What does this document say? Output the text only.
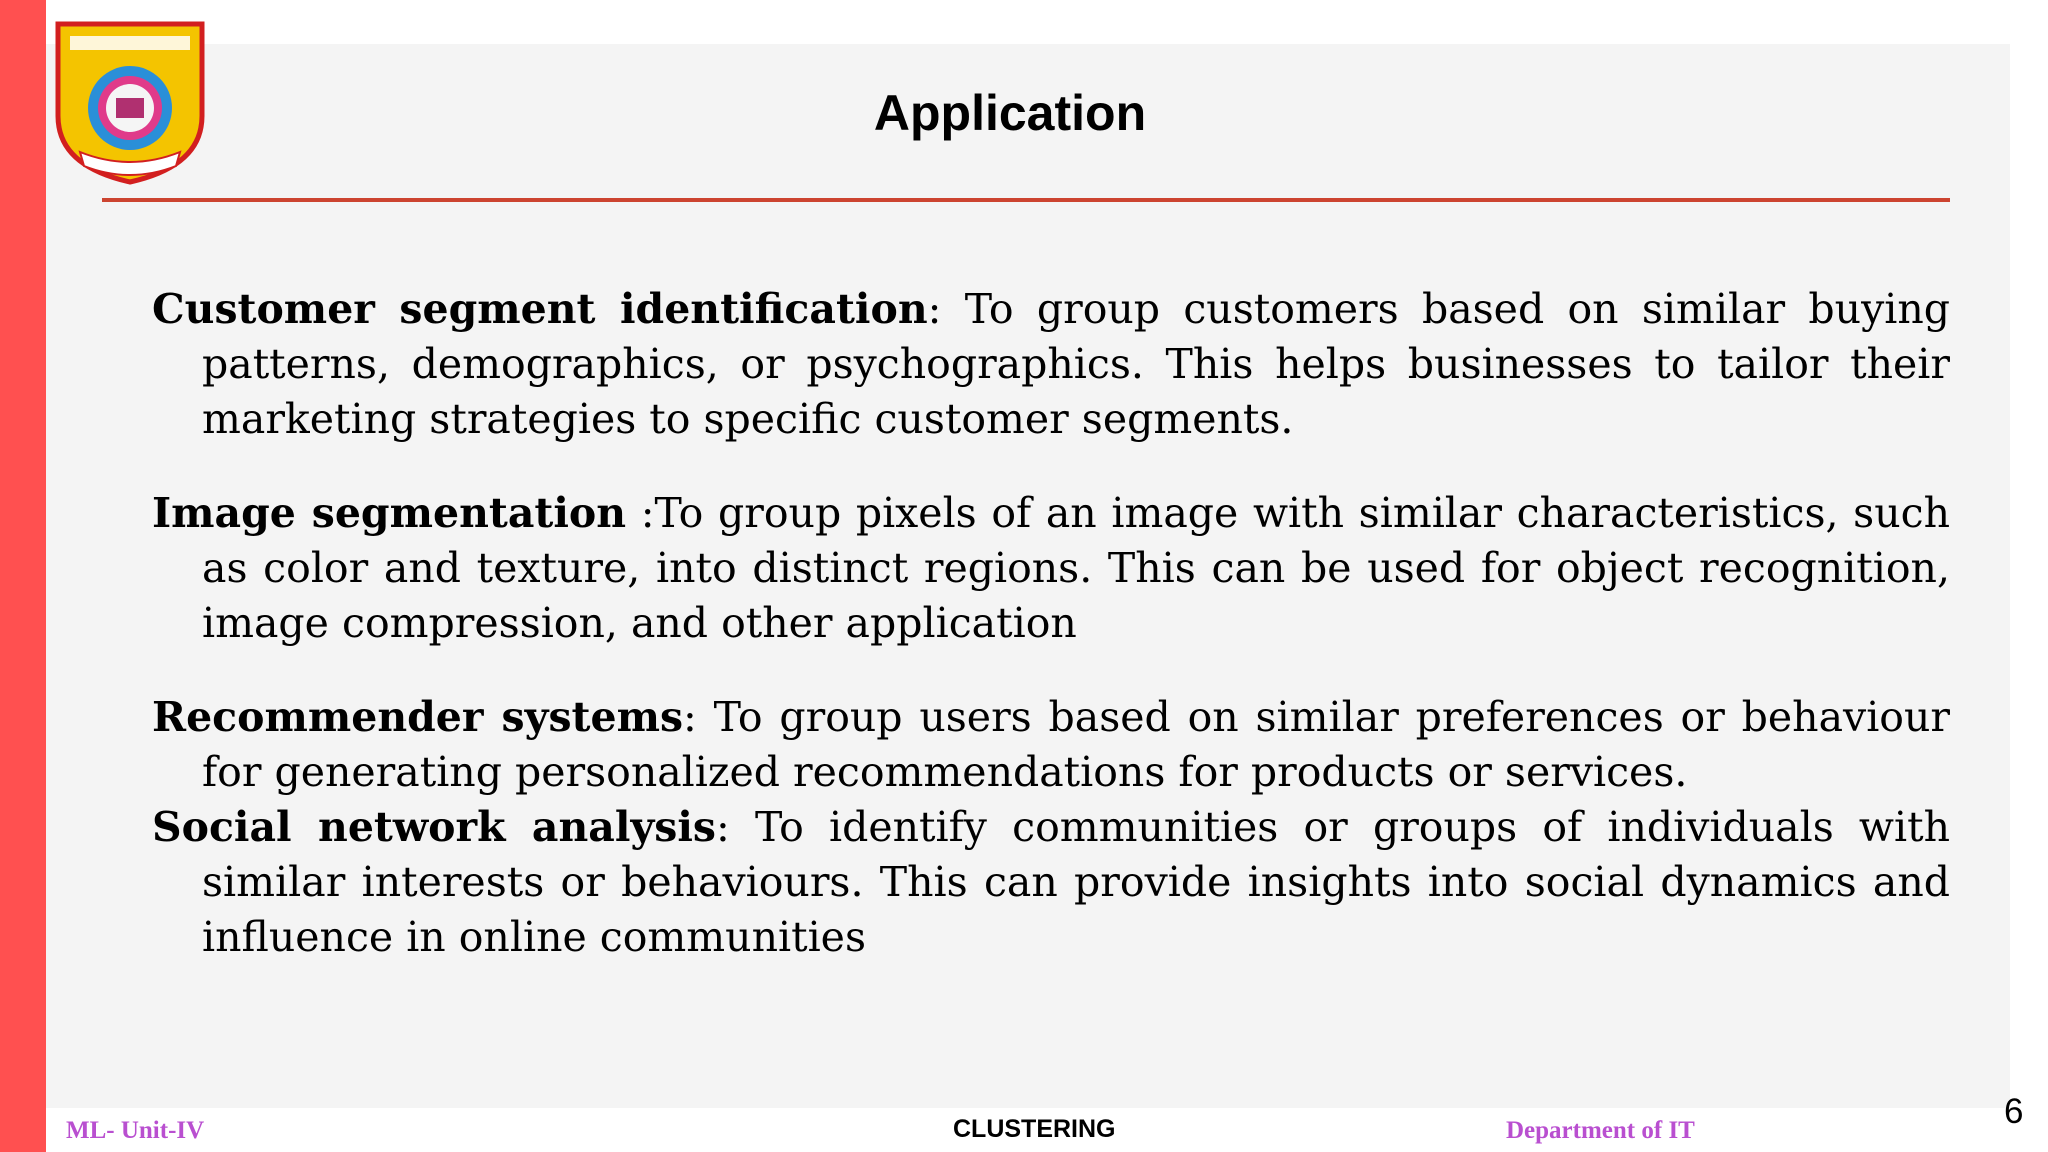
Application

Customer segment identification: To group customers based on similar buying patterns, demographics, or psychographics. This helps businesses to tailor their marketing strategies to specific customer segments.

Image segmentation :To group pixels of an image with similar characteristics, such as color and texture, into distinct regions. This can be used for object recognition, image compression, and other application

Recommender systems: To group users based on similar preferences or behaviour for generating personalized recommendations for products or services.

Social network analysis: To identify communities or groups of individuals with similar interests or behaviours. This can provide insights into social dynamics and influence in online communities

ML- Unit-IV	CLUSTERING	Department of IT	6
